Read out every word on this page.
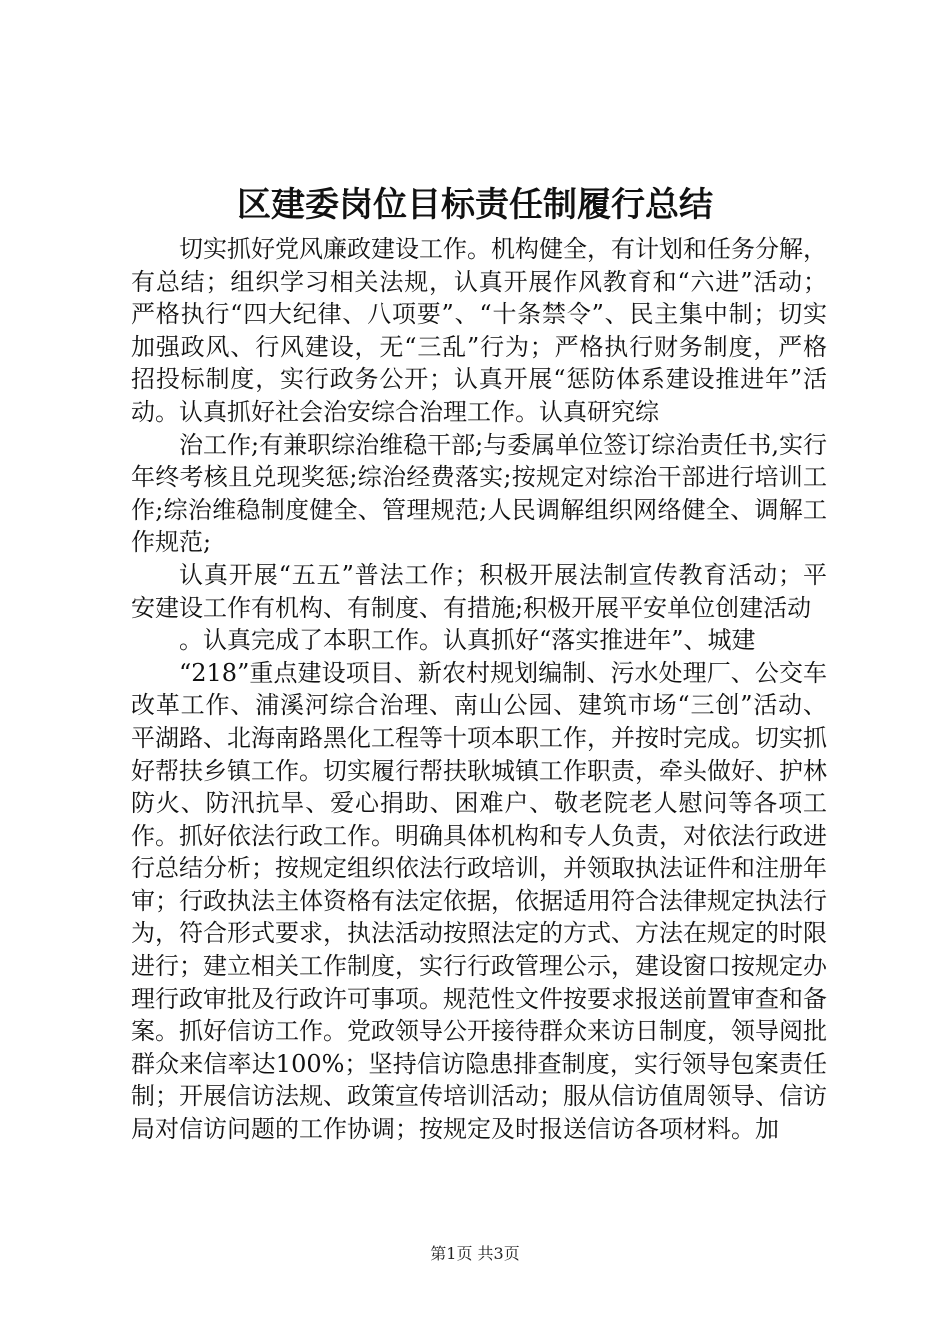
区建委岗位目标责任制履行总结

切实抓好党风廉政建设工作。机构健全，有计划和任务分解，有总结；组织学习相关法规，认真开展作风教育和“六进”活动；严格执行“四大纪律、八项要”、“十条禁令”、民主集中制；切实加强政风、行风建设，无“三乱”行为；严格执行财务制度，严格招投标制度，实行政务公开；认真开展“惩防体系建设推进年”活动。认真抓好社会治安综合治理工作。认真研究综

治工作;有兼职综治维稳干部;与委属单位签订综治责任书,实行年终考核且兑现奖惩;综治经费落实;按规定对综治干部进行培训工作;综治维稳制度健全、管理规范;人民调解组织网络健全、调解工作规范;

认真开展“五五”普法工作；积极开展法制宣传教育活动；平安建设工作有机构、有制度、有措施;积极开展平安单位创建活动

。认真完成了本职工作。认真抓好“落实推进年”、城建

“218”重点建设项目、新农村规划编制、污水处理厂、公交车改革工作、浦溪河综合治理、南山公园、建筑市场“三创”活动、平湖路、北海南路黑化工程等十项本职工作，并按时完成。切实抓好帮扶乡镇工作。切实履行帮扶耿城镇工作职责，牵头做好、护林防火、防汛抗旱、爱心捐助、困难户、敬老院老人慰问等各项工作。抓好依法行政工作。明确具体机构和专人负责，对依法行政进行总结分析；按规定组织依法行政培训，并领取执法证件和注册年审；行政执法主体资格有法定依据，依据适用符合法律规定执法行为，符合形式要求，执法活动按照法定的方式、方法在规定的时限进行；建立相关工作制度，实行行政管理公示，建设窗口按规定办理行政审批及行政许可事项。规范性文件按要求报送前置审查和备案。抓好信访工作。党政领导公开接待群众来访日制度，领导阅批群众来信率达100%；坚持信访隐患排查制度，实行领导包案责任制；开展信访法规、政策宣传培训活动；服从信访值周领导、信访局对信访问题的工作协调；按规定及时报送信访各项材料。加

第1页 共3页
